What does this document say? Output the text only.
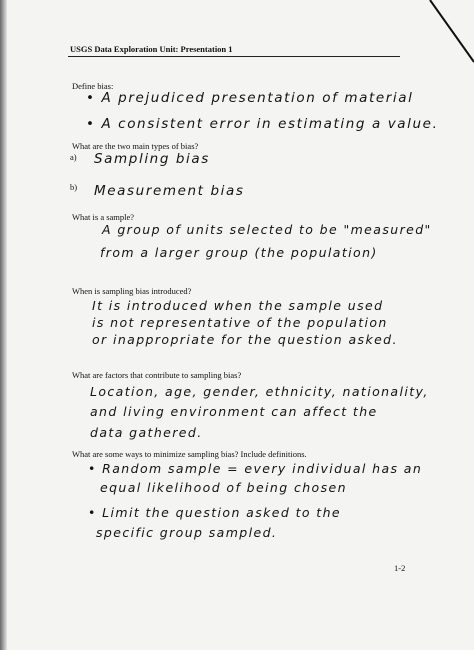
USGS Data Exploration Unit: Presentation 1
Define bias:
• A prejudiced presentation of material
• A consistent error in estimating a value.
What are the two main types of bias?
a) Sampling bias
b) Measurement bias
What is a sample?
A group of units selected to be "measured"
from a larger group (the population)
When is sampling bias introduced?
It is introduced when the sample used
is not representative of the population
or inappropriate for the question asked.
What are factors that contribute to sampling bias?
Location, age, gender, ethnicity, nationality,
and living environment can affect the
data gathered.
What are some ways to minimize sampling bias? Include definitions.
• Random sample = every individual has an
equal likelihood of being chosen
• Limit the question asked to the
specific group sampled.
1-2
